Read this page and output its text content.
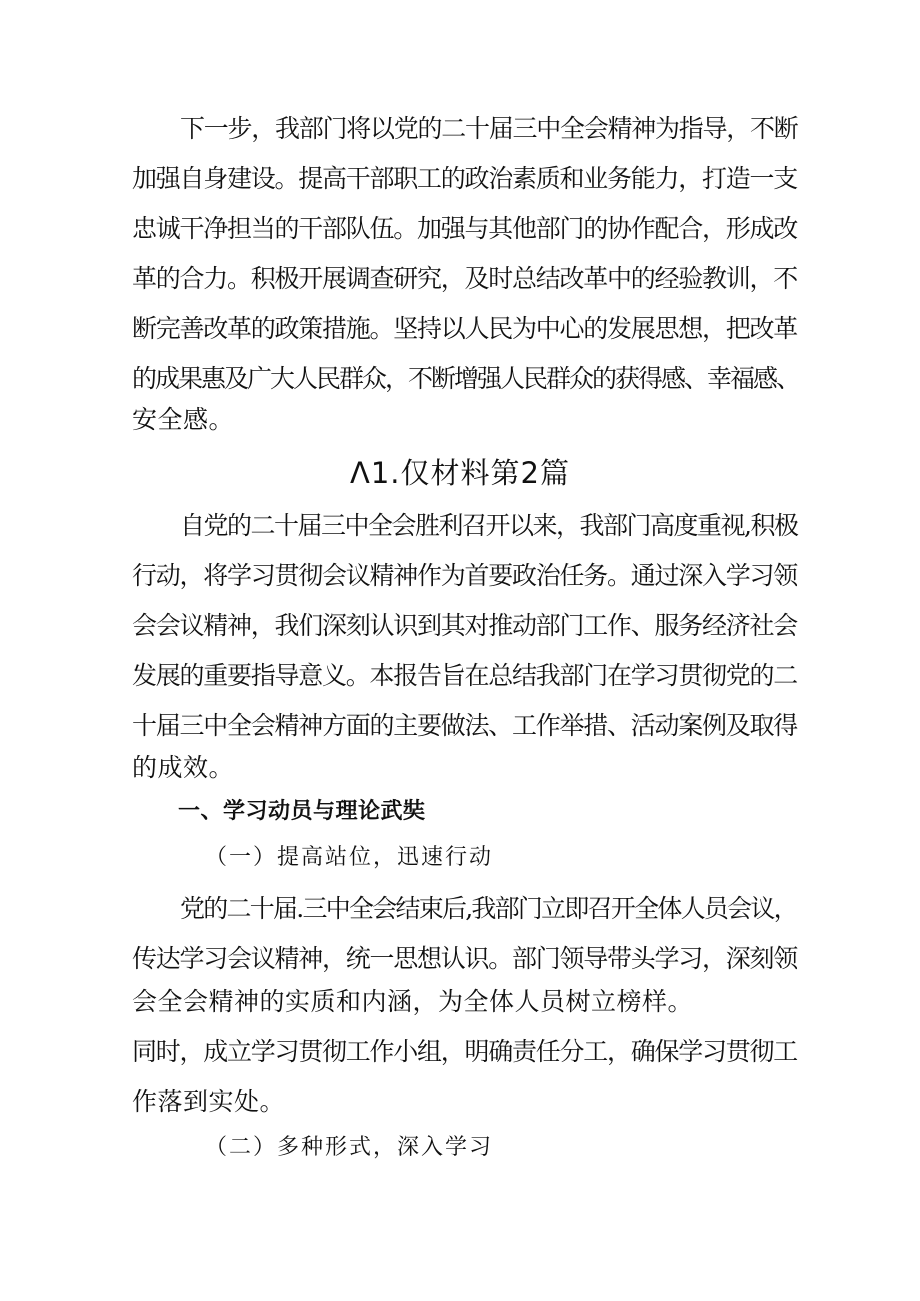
下一步，我部门将以党的二十届三中全会精神为指导，不断
加强自身建设。提高干部职工的政治素质和业务能力，打造一支
忠诚干净担当的干部队伍。加强与其他部门的协作配合，形成改
革的合力。积极开展调查研究，及时总结改革中的经验教训，不
断完善改革的政策措施。坚持以人民为中心的发展思想，把改革
的成果惠及广大人民群众，不断增强人民群众的获得感、幸福感、
安全感。
Λ1.仅材料第2篇
自党的二十届三中全会胜利召开以来，我部门高度重视,积极
行动，将学习贯彻会议精神作为首要政治任务。通过深入学习领
会会议精神，我们深刻认识到其对推动部门工作、服务经济社会
发展的重要指导意义。本报告旨在总结我部门在学习贯彻党的二
十届三中全会精神方面的主要做法、工作举措、活动案例及取得
的成效。
一、学习动员与理论武奘
（一）提高站位，迅速行动
党的二十届.三中全会结束后,我部门立即召开全体人员会议，
传达学习会议精神，统一思想认识。部门领导带头学习，深刻领
会全会精神的实质和内涵，为全体人员树立榜样。
同时，成立学习贯彻工作小组，明确责任分工，确保学习贯彻工
作落到实处。
（二）多种形式，深入学习
